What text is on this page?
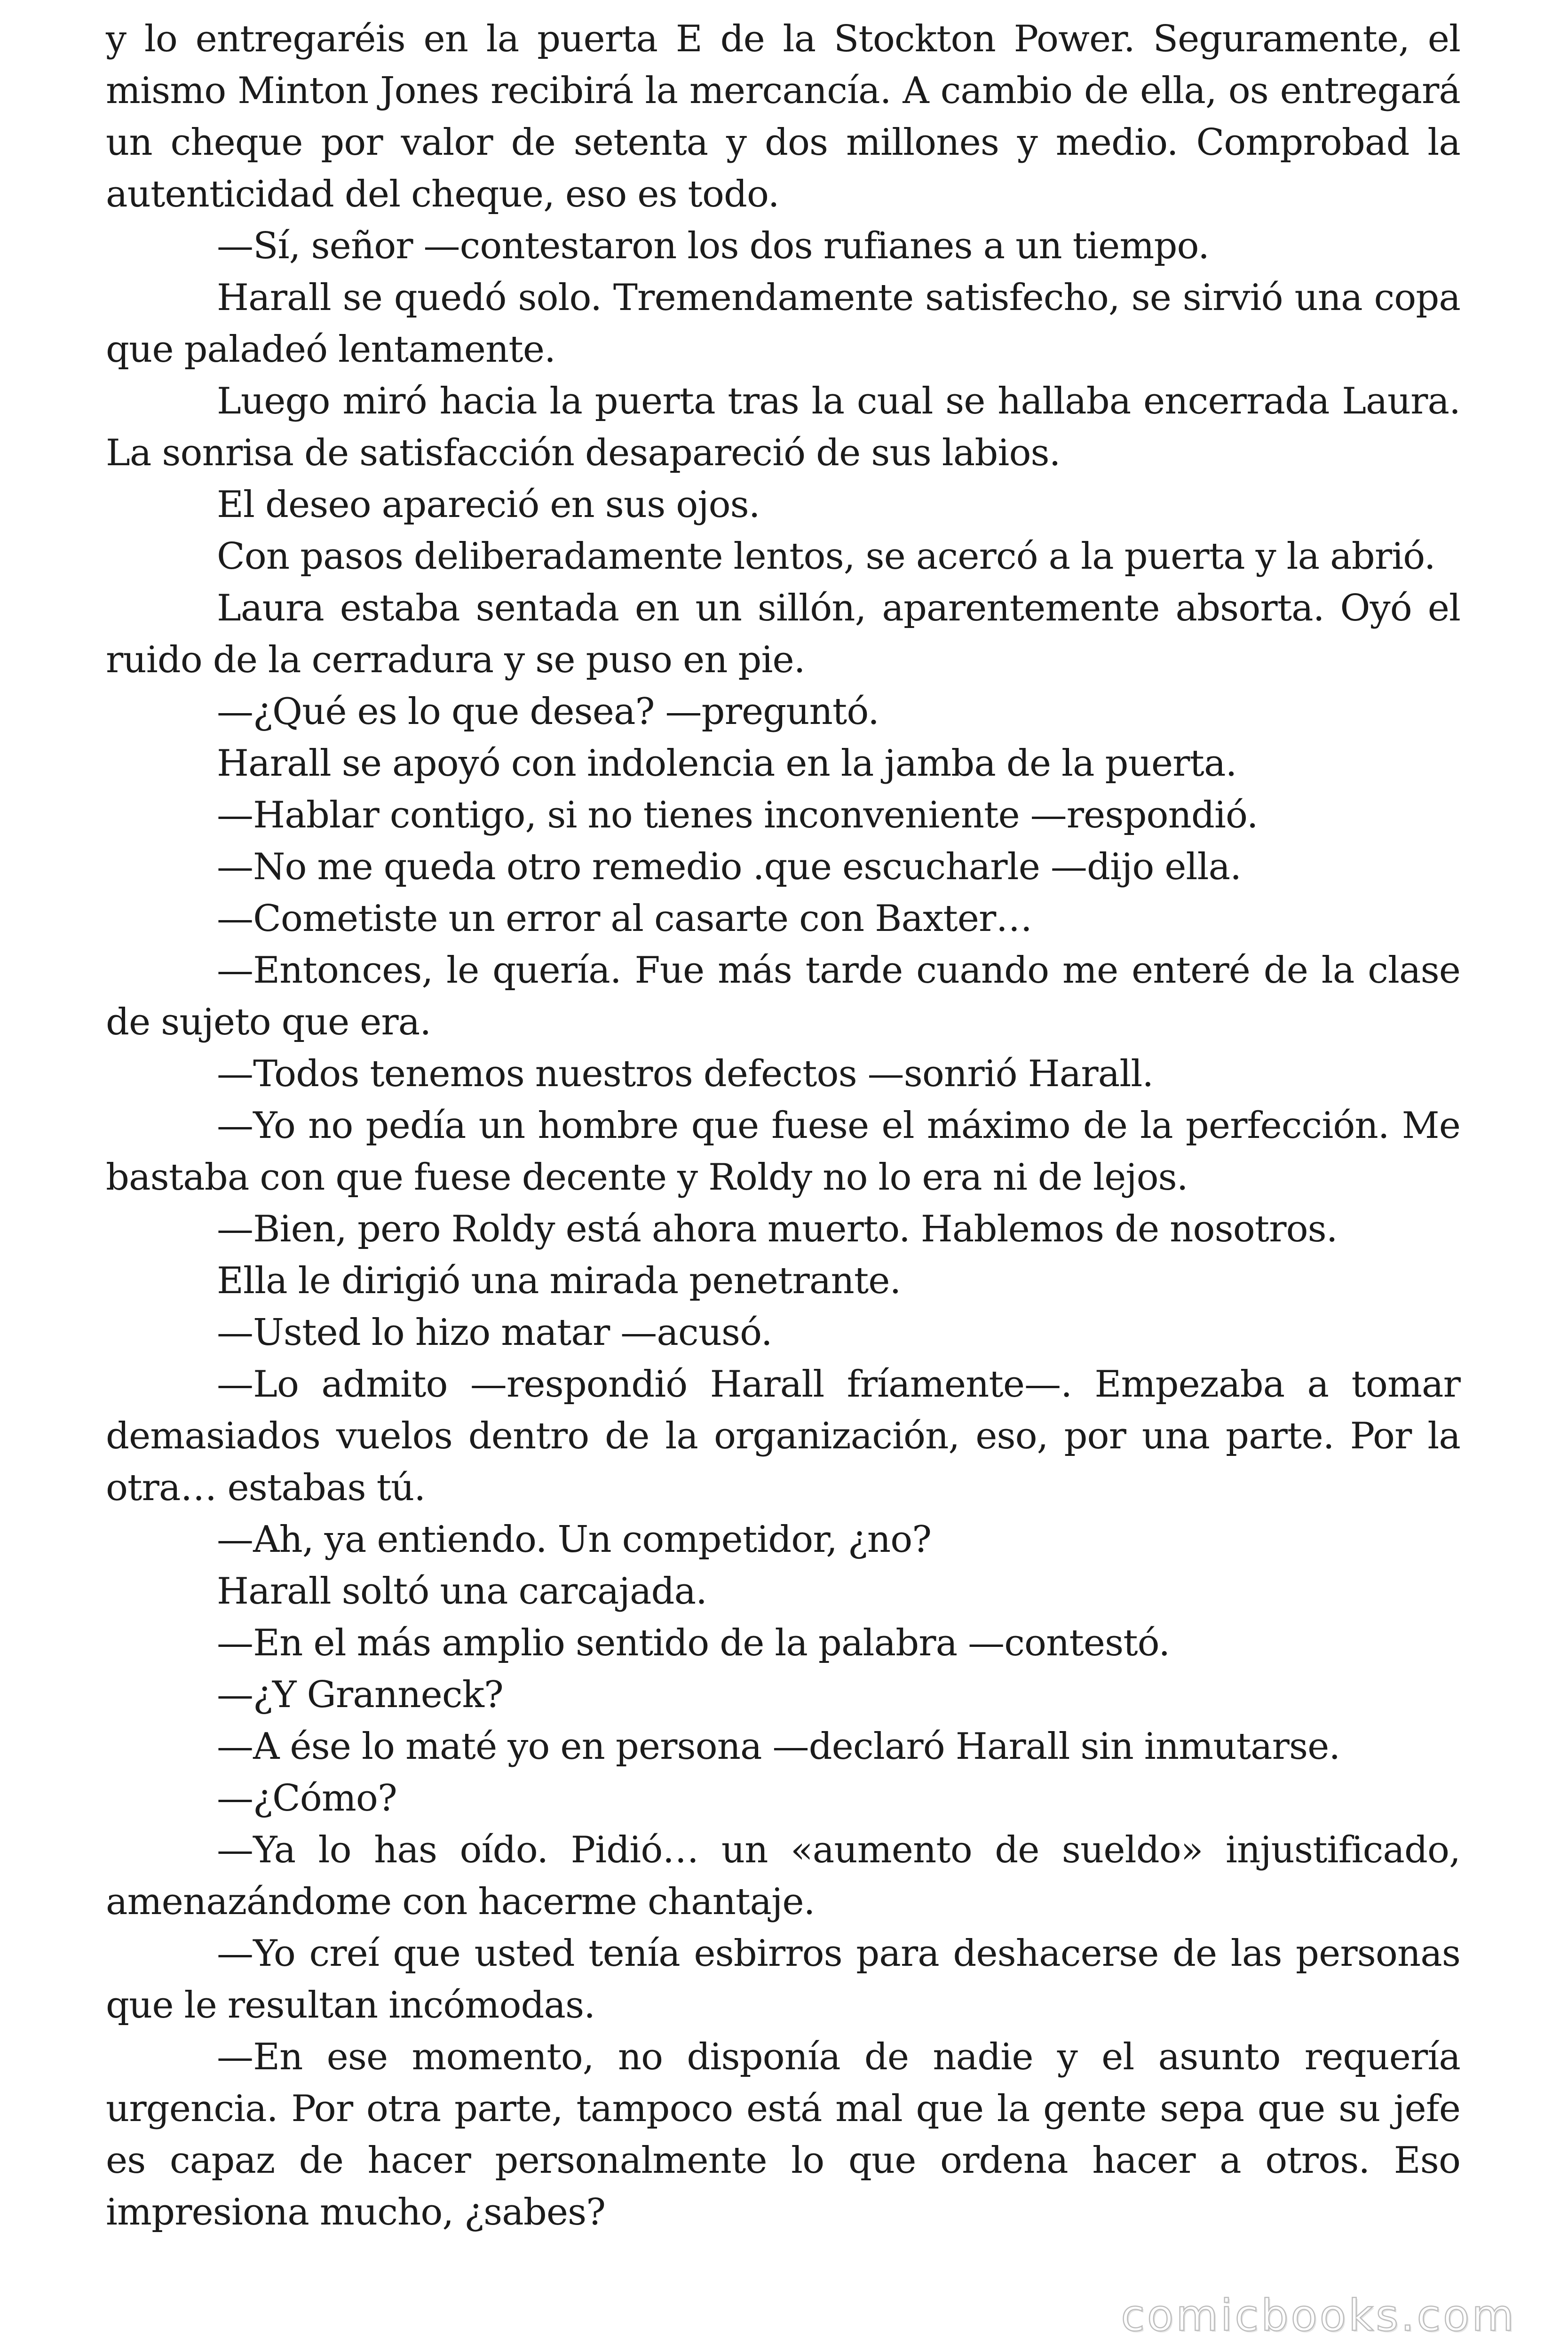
y lo entregaréis en la puerta E de la Stockton Power. Seguramente, el mismo Minton Jones recibirá la mercancía. A cambio de ella, os entregará un cheque por valor de setenta y dos millones y medio. Comprobad la autenticidad del cheque, eso es todo.

—Sí, señor —contestaron los dos rufianes a un tiempo.

Harall se quedó solo. Tremendamente satisfecho, se sirvió una copa que paladeó lentamente.

Luego miró hacia la puerta tras la cual se hallaba encerrada Laura. La sonrisa de satisfacción desapareció de sus labios.

El deseo apareció en sus ojos.

Con pasos deliberadamente lentos, se acercó a la puerta y la abrió.

Laura estaba sentada en un sillón, aparentemente absorta. Oyó el ruido de la cerradura y se puso en pie.

—¿Qué es lo que desea? —preguntó.

Harall se apoyó con indolencia en la jamba de la puerta.

—Hablar contigo, si no tienes inconveniente —respondió.

—No me queda otro remedio .que escucharle —dijo ella.

—Cometiste un error al casarte con Baxter…

—Entonces, le quería. Fue más tarde cuando me enteré de la clase de sujeto que era.

—Todos tenemos nuestros defectos —sonrió Harall.

—Yo no pedía un hombre que fuese el máximo de la perfección. Me bastaba con que fuese decente y Roldy no lo era ni de lejos.

—Bien, pero Roldy está ahora muerto. Hablemos de nosotros.

Ella le dirigió una mirada penetrante.

—Usted lo hizo matar —acusó.

—Lo admito —respondió Harall fríamente—. Empezaba a tomar demasiados vuelos dentro de la organización, eso, por una parte. Por la otra… estabas tú.

—Ah, ya entiendo. Un competidor, ¿no?

Harall soltó una carcajada.

—En el más amplio sentido de la palabra —contestó.

—¿Y Granneck?

—A ése lo maté yo en persona —declaró Harall sin inmutarse.

—¿Cómo?

—Ya lo has oído. Pidió… un «aumento de sueldo» injustificado, amenazándome con hacerme chantaje.

—Yo creí que usted tenía esbirros para deshacerse de las personas que le resultan incómodas.

—En ese momento, no disponía de nadie y el asunto requería urgencia. Por otra parte, tampoco está mal que la gente sepa que su jefe es capaz de hacer personalmente lo que ordena hacer a otros. Eso impresiona mucho, ¿sabes?

comicbooks.com
